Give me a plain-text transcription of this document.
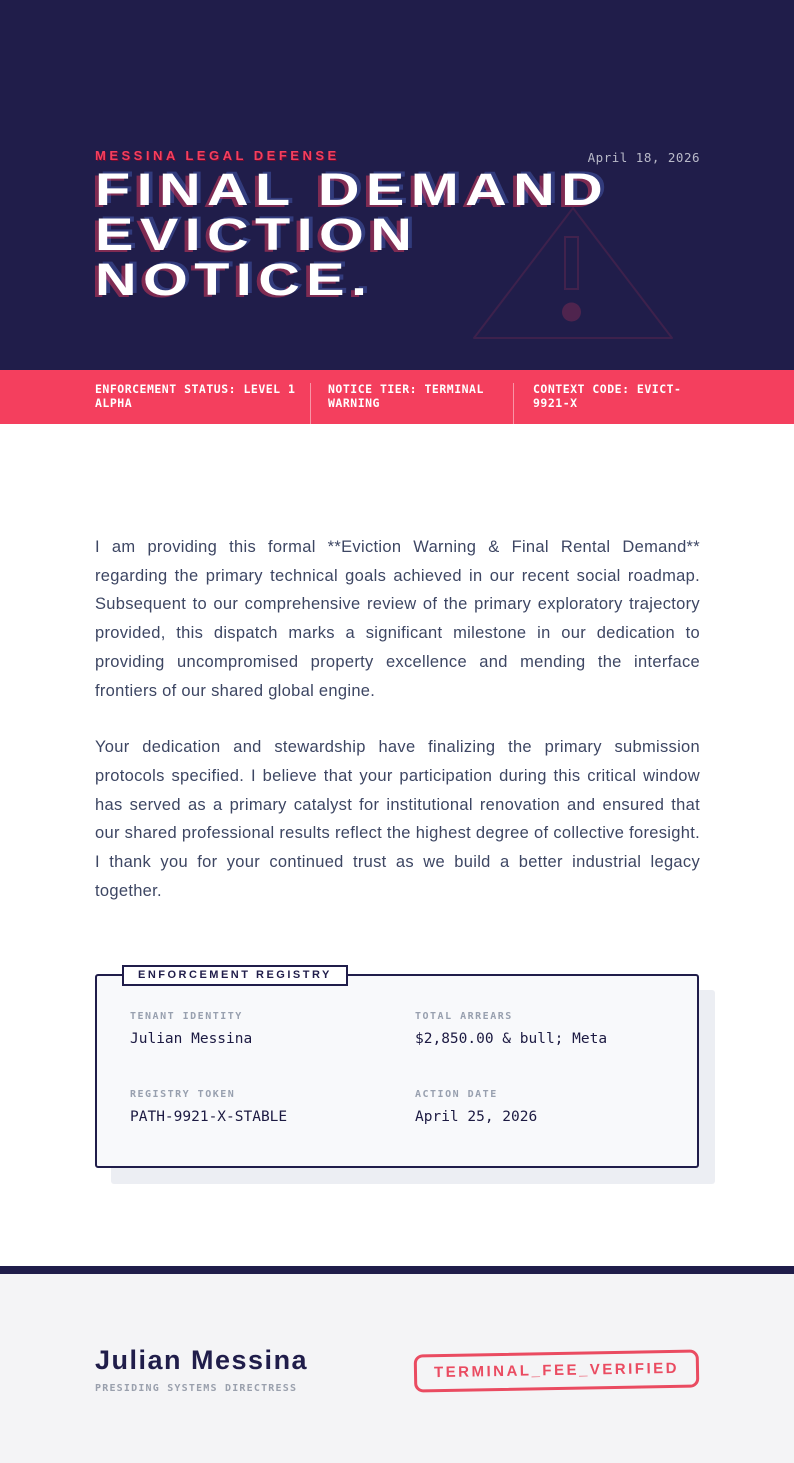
MESSINA LEGAL DEFENSE	April 18, 2026
FINAL DEMAND
EVICTION
NOTICE.
ENFORCEMENT STATUS: LEVEL 1 ALPHA
NOTICE TIER: TERMINAL WARNING
CONTEXT CODE: EVICT-9921-X

I am providing this formal **Eviction Warning & Final Rental Demand** regarding the primary technical goals achieved in our recent social roadmap. Subsequent to our comprehensive review of the primary exploratory trajectory provided, this dispatch marks a significant milestone in our dedication to providing uncompromised property excellence and mending the interface frontiers of our shared global engine.

Your dedication and stewardship have finalizing the primary submission protocols specified. I believe that your participation during this critical window has served as a primary catalyst for institutional renovation and ensured that our shared professional results reflect the highest degree of collective foresight. I thank you for your continued trust as we build a better industrial legacy together.

ENFORCEMENT REGISTRY
TENANT IDENTITY
Julian Messina
TOTAL ARREARS
$2,850.00 & bull; Meta
REGISTRY TOKEN
PATH-9921-X-STABLE
ACTION DATE
April 25, 2026
Julian Messina
PRESIDING SYSTEMS DIRECTRESS
TERMINAL_FEE_VERIFIED
